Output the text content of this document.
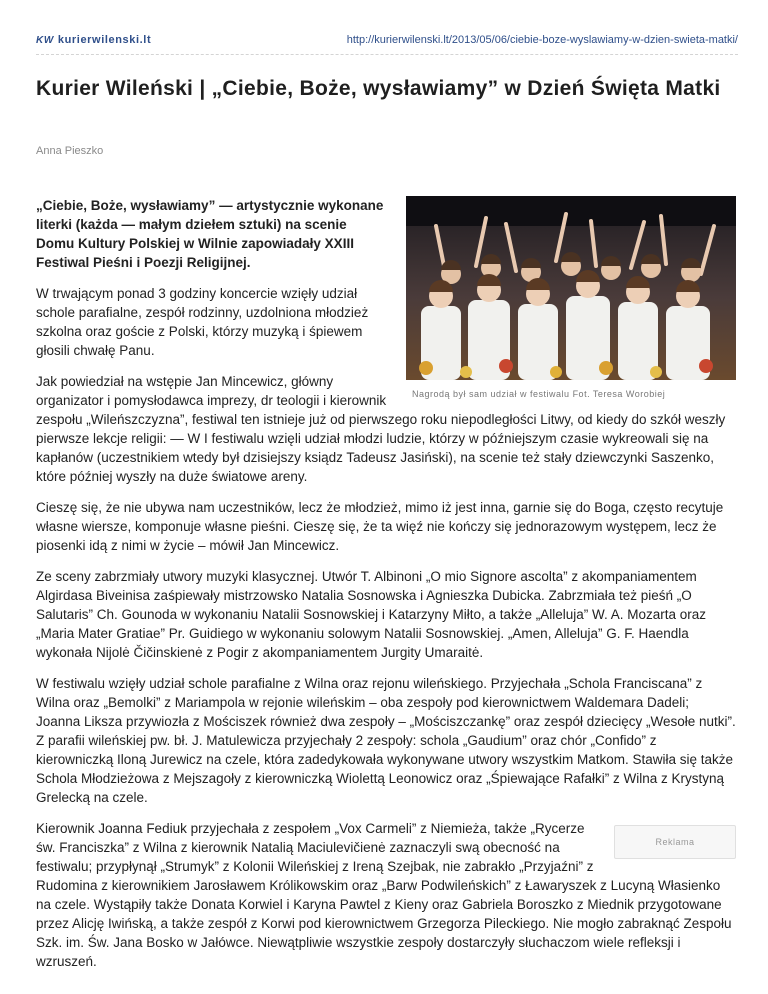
KW kurierwilenski.lt	http://kurierwilenski.lt/2013/05/06/ciebie-boze-wyslawiamy-w-dzien-swieta-matki/
Kurier Wileński | „Ciebie, Boże, wysławiamy” w Dzień Święta Matki
Anna Pieszko
Nagrodą był sam udział w festiwalu Fot. Teresa Worobiej

„Ciebie, Boże, wysławiamy” — artystycznie wykonane literki (każda — małym dziełem sztuki) na scenie Domu Kultury Polskiej w Wilnie zapowiadały XXIII Festiwal Pieśni i Poezji Religijnej.

W trwającym ponad 3 godziny koncercie wzięły udział schole parafialne, zespół rodzinny, uzdolniona młodzież szkolna oraz goście z Polski, którzy muzyką i śpiewem głosili chwałę Panu.

Jak powiedział na wstępie Jan Mincewicz, główny organizator i pomysłodawca imprezy, dr teologii i kierownik zespołu „Wileńszczyzna”, festiwal ten istnieje już od pierwszego roku niepodległości Litwy, od kiedy do szkół weszły pierwsze lekcje religii: — W I festiwalu wzięli udział młodzi ludzie, którzy w późniejszym czasie wykreowali się na kapłanów (uczestnikiem wtedy był dzisiejszy ksiądz Tadeusz Jasiński), na scenie też stały dziewczynki Saszenko, które później wyszły na duże światowe areny.

Cieszę się, że nie ubywa nam uczestników, lecz że młodzież, mimo iż jest inna, garnie się do Boga, często recytuje własne wiersze, komponuje własne pieśni. Cieszę się, że ta więź nie kończy się jednorazowym występem, lecz że piosenki idą z nimi w życie – mówił Jan Mincewicz.

Ze sceny zabrzmiały utwory muzyki klasycznej. Utwór T. Albinoni „O mio Signore ascolta” z akompaniamentem Algirdasa Biveinisa zaśpiewały mistrzowsko Natalia Sosnowska i Agnieszka Dubicka. Zabrzmiała też pieśń „O Salutaris” Ch. Gounoda w wykonaniu Natalii Sosnowskiej i Katarzyny Miłto, a także „Alleluja” W. A. Mozarta oraz „Maria Mater Gratiae” Pr. Guidiego w wykonaniu solowym Natalii Sosnowskiej. „Amen, Alleluja” G. F. Haendla wykonała Nijolė Čičinskienė z Pogir z akompaniamentem Jurgity Umaraitė.

W festiwalu wzięły udział schole parafialne z Wilna oraz rejonu wileńskiego. Przyjechała „Schola Franciscana” z Wilna oraz „Bemolki” z Mariampola w rejonie wileńskim – oba zespoły pod kierownictwem Waldemara Dadeli; Joanna Liksza przywiozła z Mościszek również dwa zespoły – „Mościszczankę” oraz zespół dziecięcy „Wesołe nutki”. Z parafii wileńskiej pw. bł. J. Matulewicza przyjechały 2 zespoły: schola „Gaudium” oraz chór „Confido” z kierowniczką Iloną Jurewicz na czele, która zadedykowała wykonywane utwory wszystkim Matkom. Stawiła się także Schola Młodzieżowa z Mejszagoły z kierowniczką Wiolettą Leonowicz oraz „Śpiewające Rafałki” z Wilna z Krystyną Grelecką na czele.

Reklama

Kierownik Joanna Fediuk przyjechała z zespołem „Vox Carmeli” z Niemieża, także „Rycerze św. Franciszka” z Wilna z kierownik Natalią Maciulevičienė zaznaczyli swą obecność na festiwalu; przypłynął „Strumyk” z Kolonii Wileńskiej z Ireną Szejbak, nie zabrakło „Przyjaźni” z Rudomina z kierownikiem Jarosławem Królikowskim oraz „Barw Podwileńskich” z Ławaryszek z Lucyną Własienko na czele. Wystąpiły także Donata Korwiel i Karyna Pawtel z Kieny oraz Gabriela Boroszko z Miednik przygotowane przez Alicję Iwińską, a także zespół z Korwi pod kierownictwem Grzegorza Pileckiego. Nie mogło zabraknąć Zespołu Szk. im. Św. Jana Bosko w Jałówce. Niewątpliwie wszystkie zespoły dostarczyły słuchaczom wiele refleksji i wzruszeń.
